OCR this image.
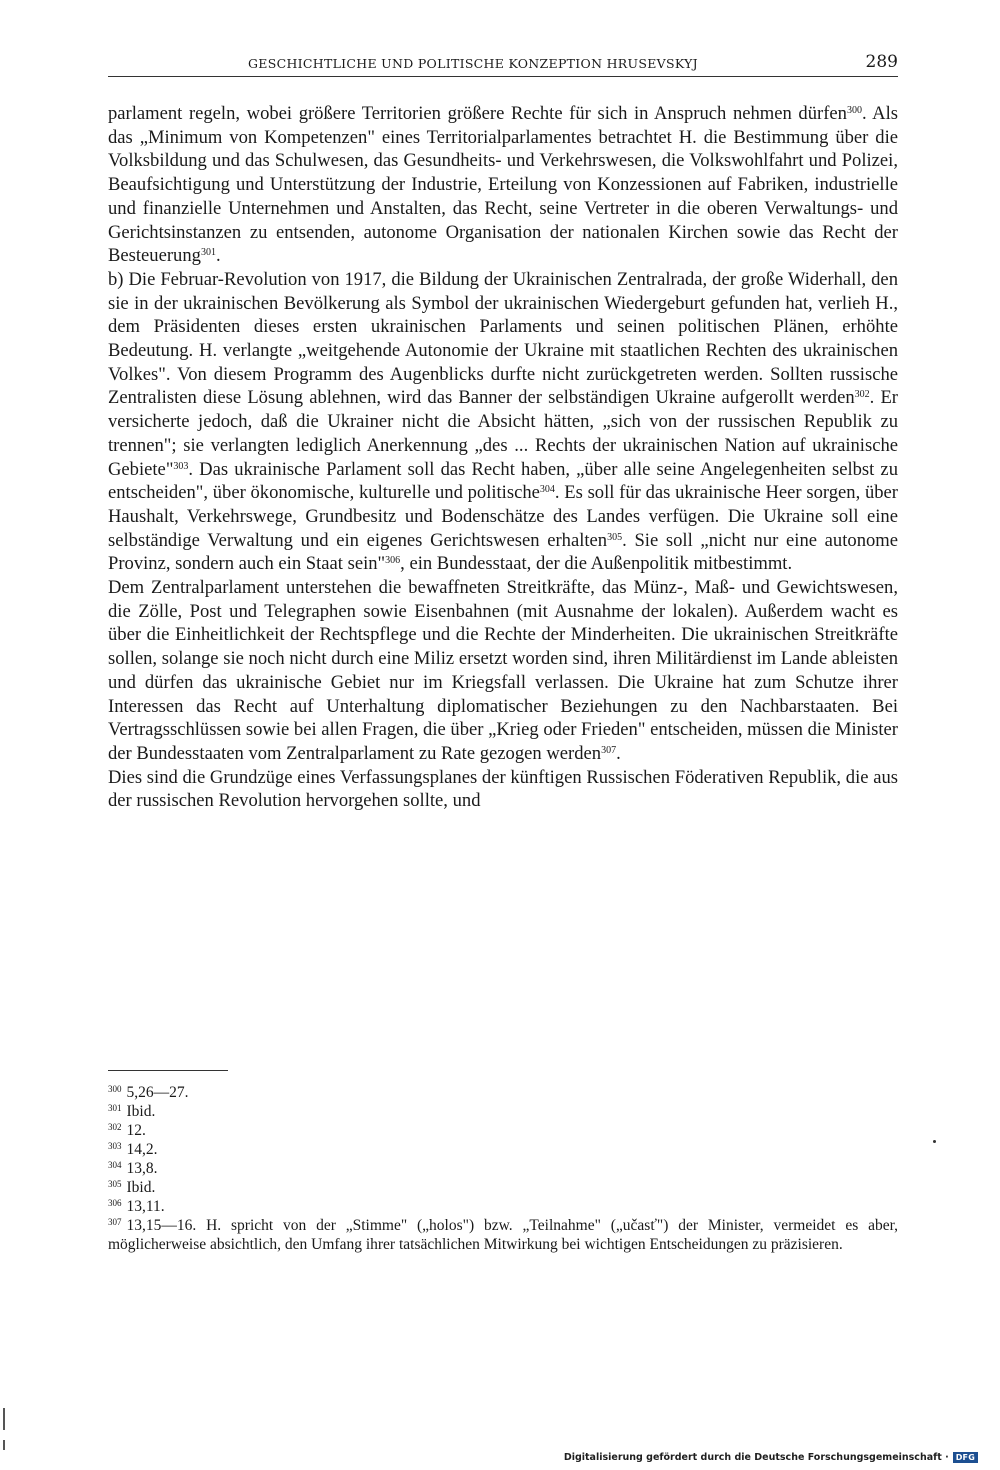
GESCHICHTLICHE UND POLITISCHE KONZEPTION HRUSEVSKYJ	289

parlament regeln, wobei größere Territorien größere Rechte für sich in Anspruch nehmen dürfen$^{300}$. Als das „Minimum von Kompetenzen" eines Territorialparlamentes betrachtet H. die Bestimmung über die Volksbildung und das Schulwesen, das Gesundheits- und Verkehrswesen, die Volkswohlfahrt und Polizei, Beaufsichtigung und Unterstützung der Industrie, Erteilung von Konzessionen auf Fabriken, industrielle und finanzielle Unternehmen und Anstalten, das Recht, seine Vertreter in die oberen Verwaltungs- und Gerichtsinstanzen zu entsenden, autonome Organisation der nationalen Kirchen sowie das Recht der Besteuerung$^{301}$.

b) Die Februar-Revolution von 1917, die Bildung der Ukrainischen Zentralrada, der große Widerhall, den sie in der ukrainischen Bevölkerung als Symbol der ukrainischen Wiedergeburt gefunden hat, verlieh H., dem Präsidenten dieses ersten ukrainischen Parlaments und seinen politischen Plänen, erhöhte Bedeutung. H. verlangte „weitgehende Autonomie der Ukraine mit staatlichen Rechten des ukrainischen Volkes". Von diesem Programm des Augenblicks durfte nicht zurückgetreten werden. Sollten russische Zentralisten diese Lösung ablehnen, wird das Banner der selbständigen Ukraine aufgerollt werden$^{302}$. Er versicherte jedoch, daß die Ukrainer nicht die Absicht hätten, „sich von der russischen Republik zu trennen"; sie verlangten lediglich Anerkennung „des ... Rechts der ukrainischen Nation auf ukrainische Gebiete"$^{303}$. Das ukrainische Parlament soll das Recht haben, „über alle seine Angelegenheiten selbst zu entscheiden", über ökonomische, kulturelle und politische$^{304}$. Es soll für das ukrainische Heer sorgen, über Haushalt, Verkehrswege, Grundbesitz und Bodenschätze des Landes verfügen. Die Ukraine soll eine selbständige Verwaltung und ein eigenes Gerichtswesen erhalten$^{305}$. Sie soll „nicht nur eine autonome Provinz, sondern auch ein Staat sein"$^{306}$, ein Bundesstaat, der die Außenpolitik mitbestimmt.

Dem Zentralparlament unterstehen die bewaffneten Streitkräfte, das Münz-, Maß- und Gewichtswesen, die Zölle, Post und Telegraphen sowie Eisenbahnen (mit Ausnahme der lokalen). Außerdem wacht es über die Einheitlichkeit der Rechtspflege und die Rechte der Minderheiten. Die ukrainischen Streitkräfte sollen, solange sie noch nicht durch eine Miliz ersetzt worden sind, ihren Militärdienst im Lande ableisten und dürfen das ukrainische Gebiet nur im Kriegsfall verlassen. Die Ukraine hat zum Schutze ihrer Interessen das Recht auf Unterhaltung diplomatischer Beziehungen zu den Nachbarstaaten. Bei Vertragsschlüssen sowie bei allen Fragen, die über „Krieg oder Frieden" entscheiden, müssen die Minister der Bundesstaaten vom Zentralparlament zu Rate gezogen werden$^{307}$.

Dies sind die Grundzüge eines Verfassungsplanes der künftigen Russischen Föderativen Republik, die aus der russischen Revolution hervorgehen sollte, und

$^{300}$ 5,26—27.

$^{301}$ Ibid.

$^{302}$ 12.

$^{303}$ 14,2.

$^{304}$ 13,8.

$^{305}$ Ibid.

$^{306}$ 13,11.

$^{307}$ 13,15—16. H. spricht von der „Stimme" („holos") bzw. „Teilnahme" („učasť") der Minister, vermeidet es aber, möglicherweise absichtlich, den Umfang ihrer tatsächlichen Mitwirkung bei wichtigen Entscheidungen zu präzisieren.

Digitalisierung gefördert durch die Deutsche Forschungsgemeinschaft · DFG
